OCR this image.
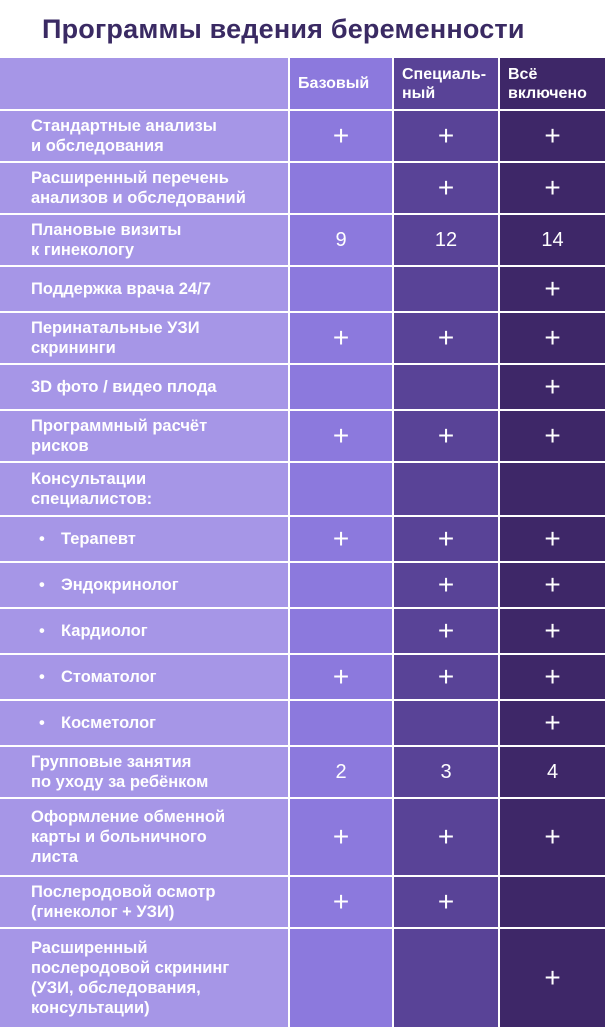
Программы ведения беременности
	Базовый	Специаль-
ный	Всё
включено
Стандартные анализы
и обследования	+	+	+
Расширенный перечень
анализов и обследований		+	+
Плановые визиты
к гинекологу	9	12	14
Поддержка врача 24/7			+
Перинатальные УЗИ
скрининги	+	+	+
3D фото / видео плода			+
Программный расчёт
рисков	+	+	+
Консультации
специалистов:			
• Терапевт	+	+	+
• Эндокринолог		+	+
• Кардиолог		+	+
• Стоматолог	+	+	+
• Косметолог			+
Групповые занятия
по уходу за ребёнком	2	3	4
Оформление обменной
карты и больничного
листа	+	+	+
Послеродовой осмотр
(гинеколог + УЗИ)	+	+	
Расширенный
послеродовой скрининг
(УЗИ, обследования,
консультации)			+
